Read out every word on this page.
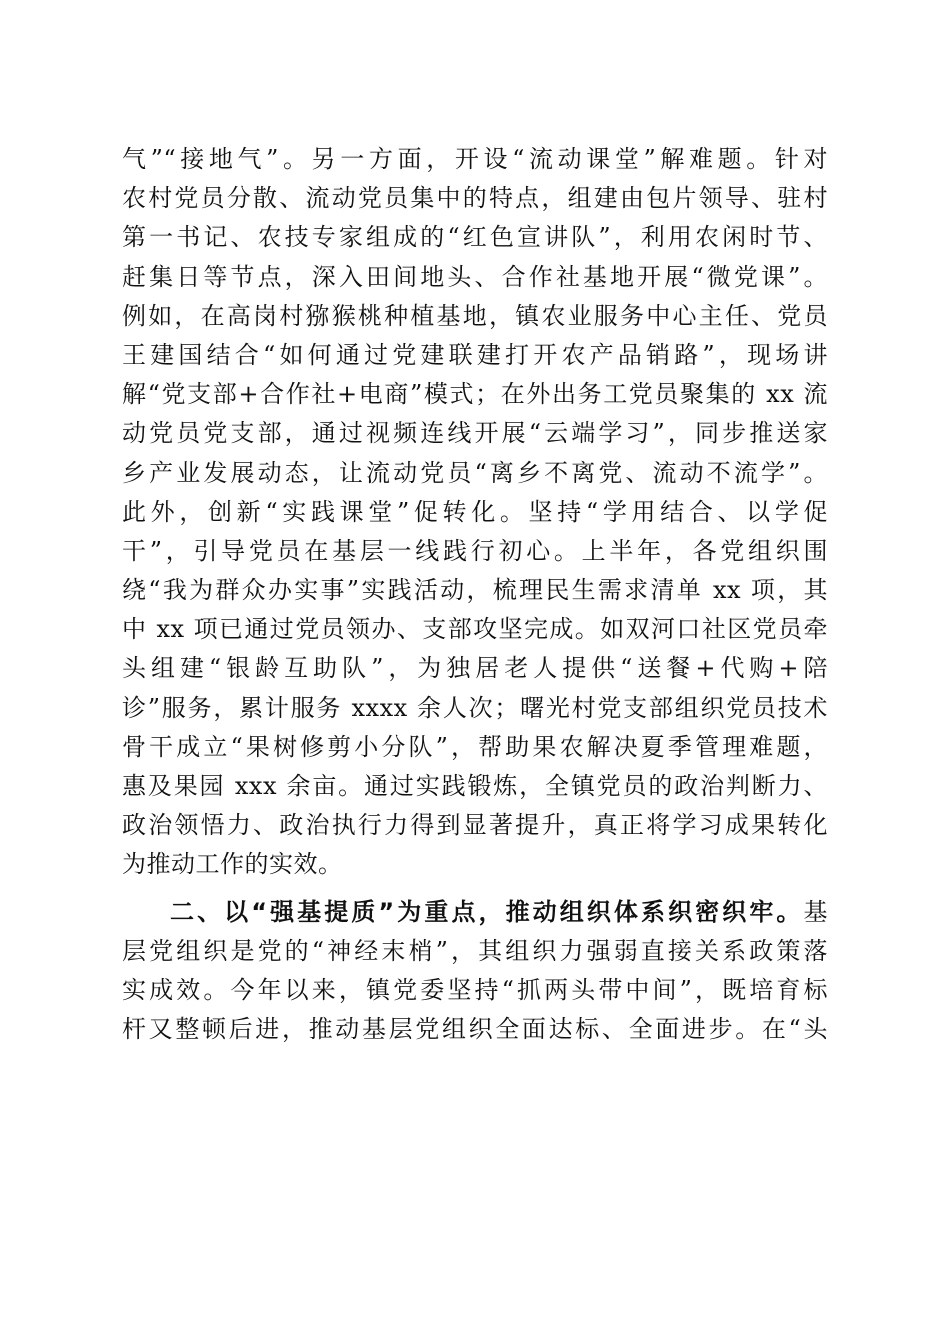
气”“接地气”。另一方面，开设“流动课堂”解难题。针对
农村党员分散、流动党员集中的特点，组建由包片领导、驻村
第一书记、农技专家组成的“红色宣讲队”，利用农闲时节、
赶集日等节点，深入田间地头、合作社基地开展“微党课”。
例如，在高岗村猕猴桃种植基地，镇农业服务中心主任、党员
王建国结合“如何通过党建联建打开农产品销路”，现场讲
解“党支部+合作社+电商”模式；在外出务工党员聚集的 xx 流
动党员党支部，通过视频连线开展“云端学习”，同步推送家
乡产业发展动态，让流动党员“离乡不离党、流动不流学”。
此外，创新“实践课堂”促转化。坚持“学用结合、以学促
干”，引导党员在基层一线践行初心。上半年，各党组织围
绕“我为群众办实事”实践活动，梳理民生需求清单 xx 项，其
中 xx 项已通过党员领办、支部攻坚完成。如双河口社区党员牵
头组建“银龄互助队”，为独居老人提供“送餐+代购+陪
诊”服务，累计服务 xxxx 余人次；曙光村党支部组织党员技术
骨干成立“果树修剪小分队”，帮助果农解决夏季管理难题，
惠及果园 xxx 余亩。通过实践锻炼，全镇党员的政治判断力、
政治领悟力、政治执行力得到显著提升，真正将学习成果转化
为推动工作的实效。
二、以“强基提质”为重点，推动组织体系织密织牢。基
层党组织是党的“神经末梢”，其组织力强弱直接关系政策落
实成效。今年以来，镇党委坚持“抓两头带中间”，既培育标
杆又整顿后进，推动基层党组织全面达标、全面进步。在“头
